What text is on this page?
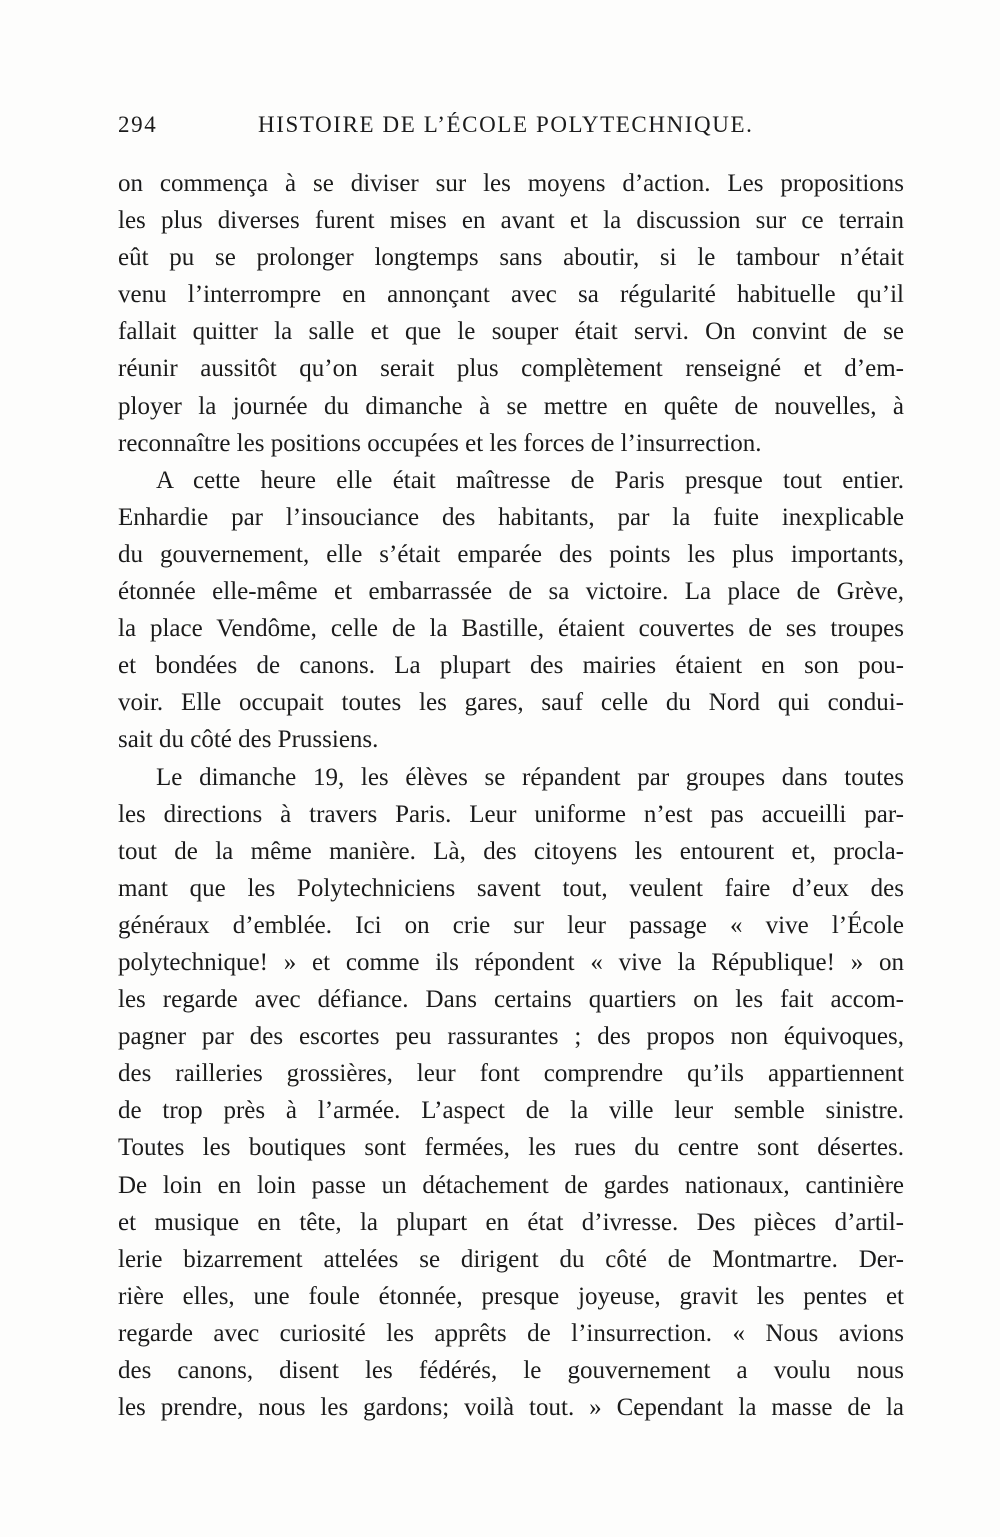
294	HISTOIRE DE L’ÉCOLE POLYTECHNIQUE.
on commença à se diviser sur les moyens d’action. Les propositions
les plus diverses furent mises en avant et la discussion sur ce terrain
eût pu se prolonger longtemps sans aboutir, si le tambour n’était
venu l’interrompre en annonçant avec sa régularité habituelle qu’il
fallait quitter la salle et que le souper était servi. On convint de se
réunir aussitôt qu’on serait plus complètement renseigné et d’em-
ployer la journée du dimanche à se mettre en quête de nouvelles, à
reconnaître les positions occupées et les forces de l’insurrection.
A cette heure elle était maîtresse de Paris presque tout entier.
Enhardie par l’insouciance des habitants, par la fuite inexplicable
du gouvernement, elle s’était emparée des points les plus importants,
étonnée elle-même et embarrassée de sa victoire. La place de Grève,
la place Vendôme, celle de la Bastille, étaient couvertes de ses troupes
et bondées de canons. La plupart des mairies étaient en son pou-
voir. Elle occupait toutes les gares, sauf celle du Nord qui condui-
sait du côté des Prussiens.
Le dimanche 19, les élèves se répandent par groupes dans toutes
les directions à travers Paris. Leur uniforme n’est pas accueilli par-
tout de la même manière. Là, des citoyens les entourent et, procla-
mant que les Polytechniciens savent tout, veulent faire d’eux des
généraux d’emblée. Ici on crie sur leur passage « vive l’École
polytechnique! » et comme ils répondent « vive la République! » on
les regarde avec défiance. Dans certains quartiers on les fait accom-
pagner par des escortes peu rassurantes ; des propos non équivoques,
des railleries grossières, leur font comprendre qu’ils appartiennent
de trop près à l’armée. L’aspect de la ville leur semble sinistre.
Toutes les boutiques sont fermées, les rues du centre sont désertes.
De loin en loin passe un détachement de gardes nationaux, cantinière
et musique en tête, la plupart en état d’ivresse. Des pièces d’artil-
lerie bizarrement attelées se dirigent du côté de Montmartre. Der-
rière elles, une foule étonnée, presque joyeuse, gravit les pentes et
regarde avec curiosité les apprêts de l’insurrection. « Nous avions
des canons, disent les fédérés, le gouvernement a voulu nous
les prendre, nous les gardons; voilà tout. » Cependant la masse de la
